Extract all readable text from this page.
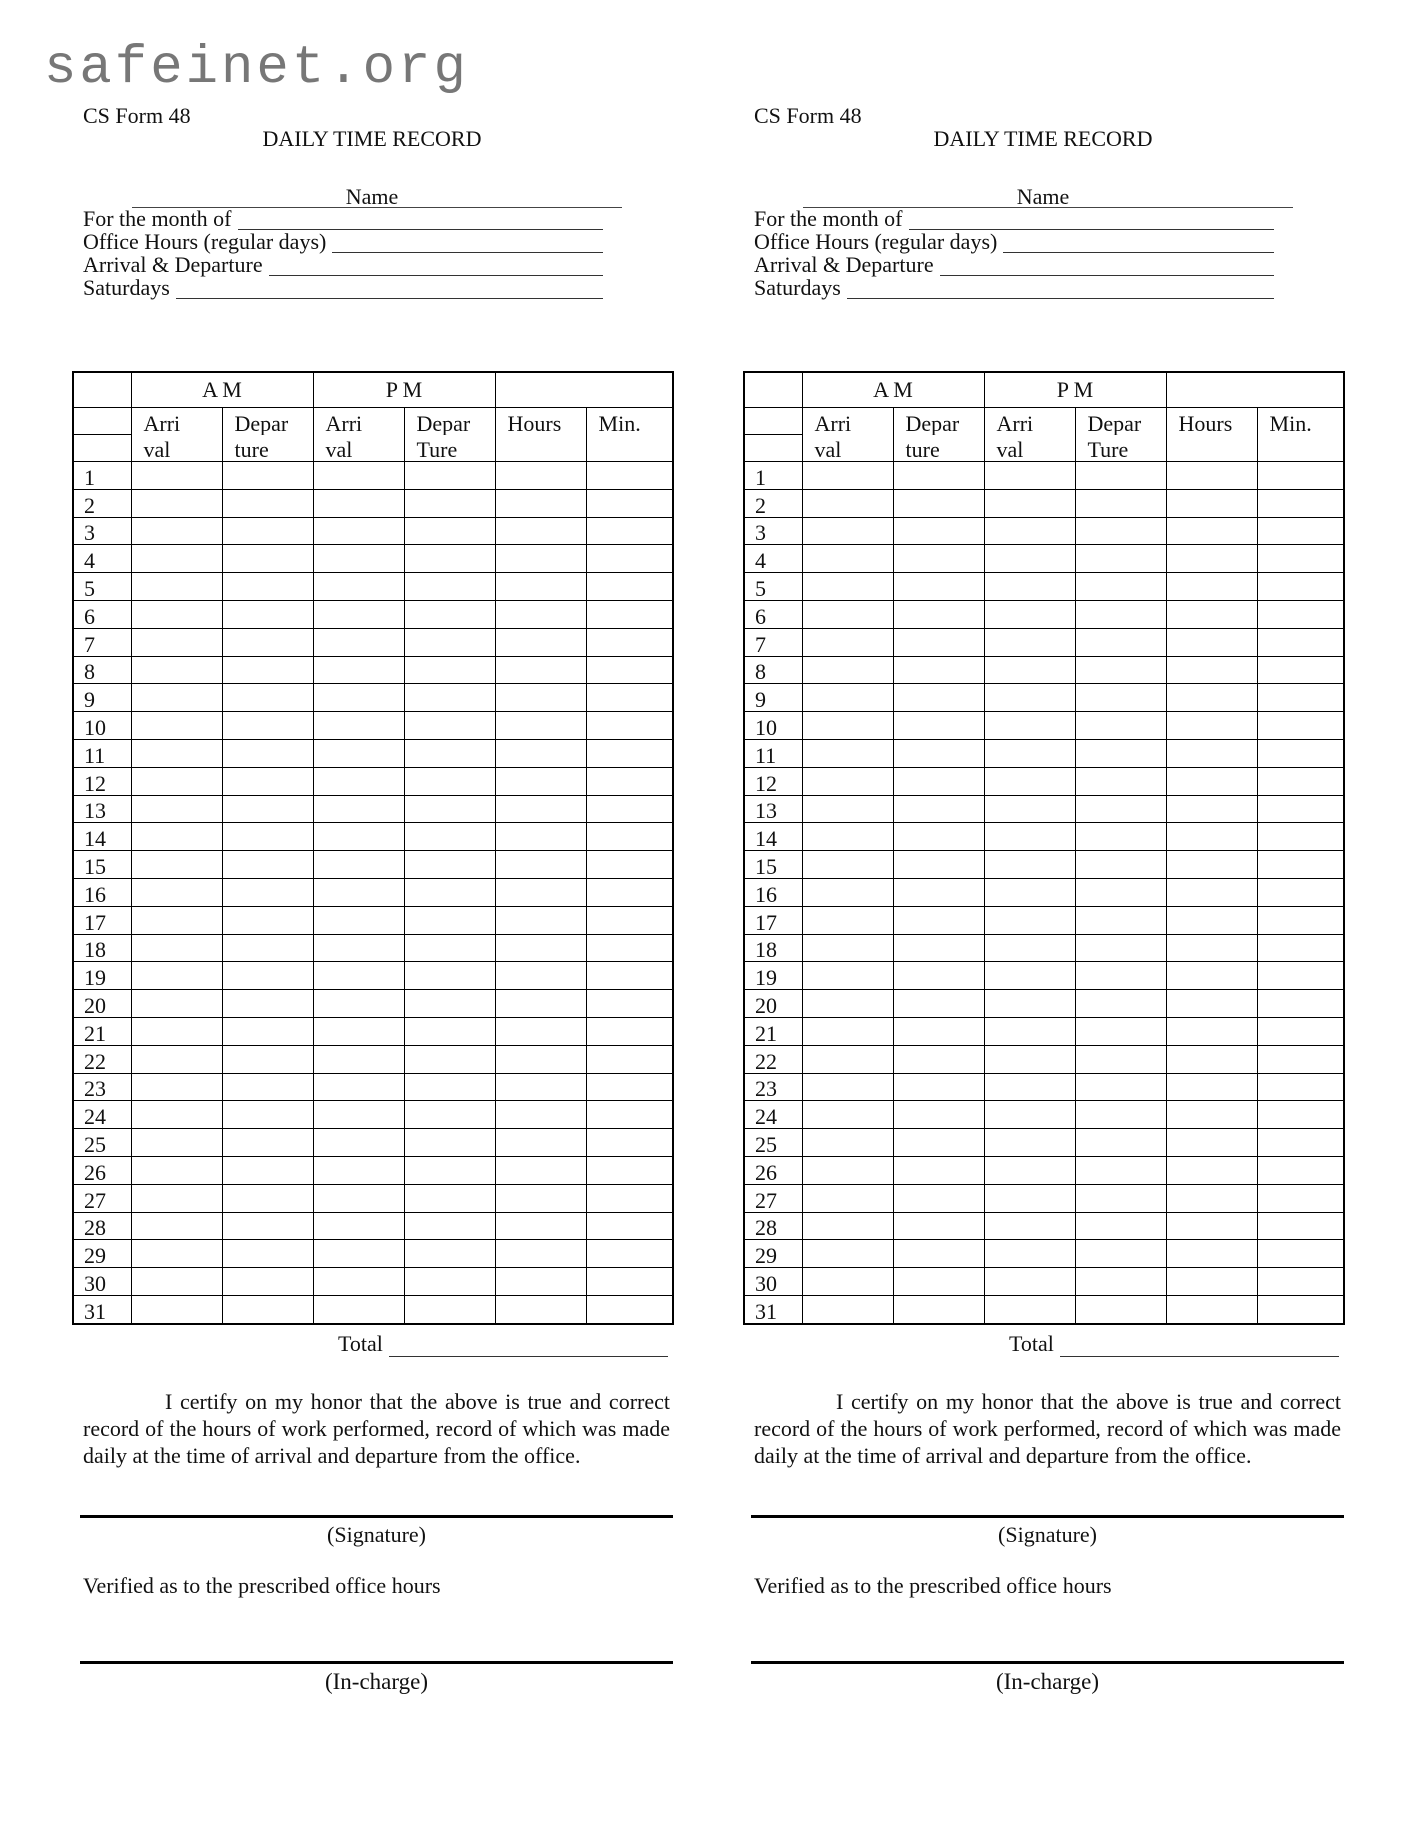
safeinet.org
CS Form 48
DAILY TIME RECORD
Name
For the month of
Office Hours (regular days)
Arrival & Departure
Saturdays
	A M		P M			
	Arri	Depar	Arri	Depar	Hours	Min.
	val	ture	val	Ture		
1						
2						
3						
4						
5						
6						
7						
8						
9						
10						
11						
12						
13						
14						
15						
16						
17						
18						
19						
20						
21						
22						
23						
24						
25						
26						
27						
28						
29						
30						
31						
Total
I certify on my honor that the above is true and correct record of the hours of work performed, record of which was made daily at the time of arrival and departure from the office.
(Signature)
Verified as to the prescribed office hours
(In-charge)
CS Form 48
DAILY TIME RECORD
Name
For the month of
Office Hours (regular days)
Arrival & Departure
Saturdays
	A M		P M			
	Arri	Depar	Arri	Depar	Hours	Min.
	val	ture	val	Ture		
1						
2						
3						
4						
5						
6						
7						
8						
9						
10						
11						
12						
13						
14						
15						
16						
17						
18						
19						
20						
21						
22						
23						
24						
25						
26						
27						
28						
29						
30						
31						
Total
I certify on my honor that the above is true and correct record of the hours of work performed, record of which was made daily at the time of arrival and departure from the office.
(Signature)
Verified as to the prescribed office hours
(In-charge)
